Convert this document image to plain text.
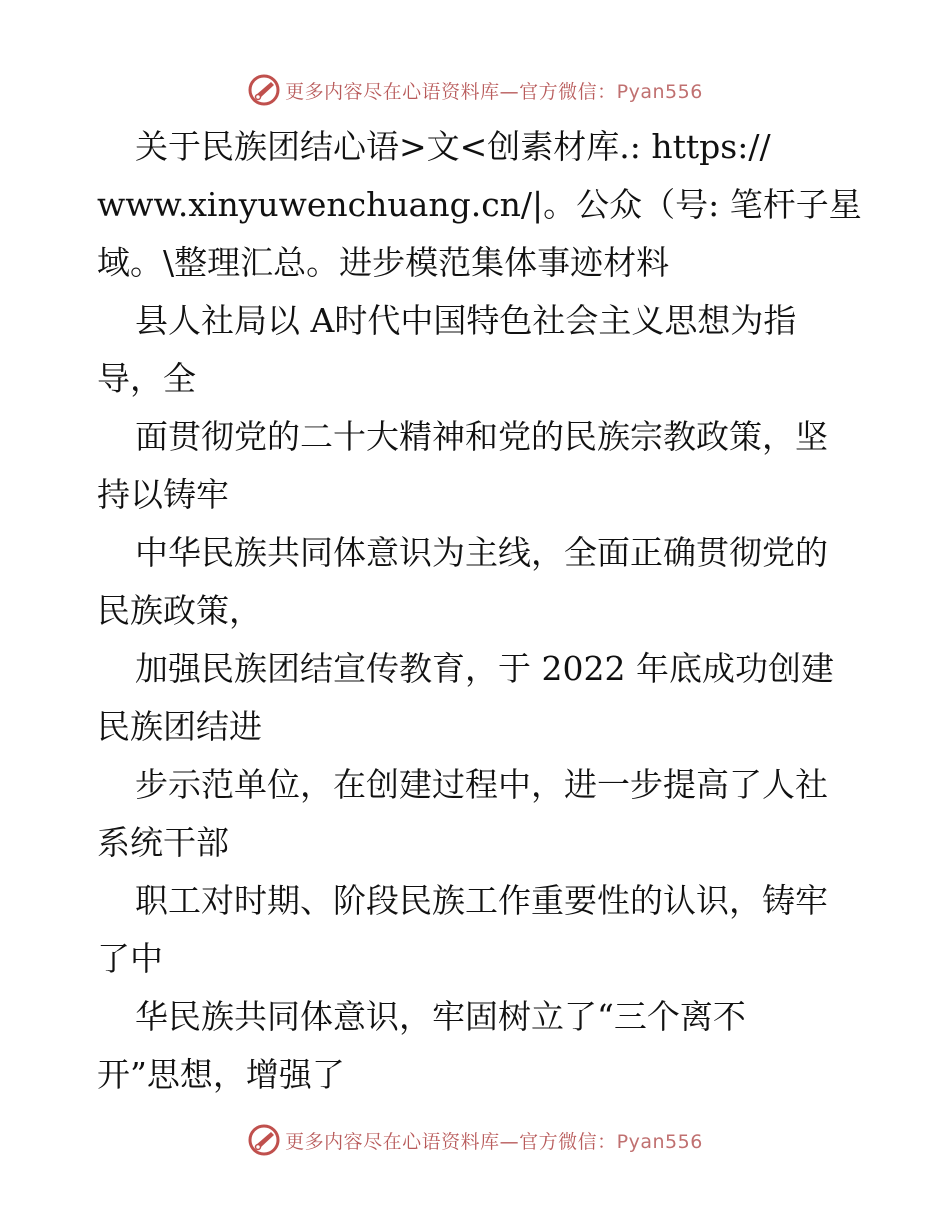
更多内容尽在心语资料库—官方微信：Pyan556

关于民族团结心语>文<创素材库.: https://
www.xinyuwenchuang.cn/|。公众（号: 笔杆子星
域。\整理汇总。进步模范集体事迹材料

县人社局以 A时代中国特色社会主义思想为指
导，全

面贯彻党的二十大精神和党的民族宗教政策，坚
持以铸牢

中华民族共同体意识为主线，全面正确贯彻党的
民族政策，

加强民族团结宣传教育，于 2022 年底成功创建
民族团结进

步示范单位，在创建过程中，进一步提高了人社
系统干部

职工对时期、阶段民族工作重要性的认识，铸牢
了中

华民族共同体意识，牢固树立了“三个离不
开”思想，增强了

更多内容尽在心语资料库—官方微信：Pyan556
